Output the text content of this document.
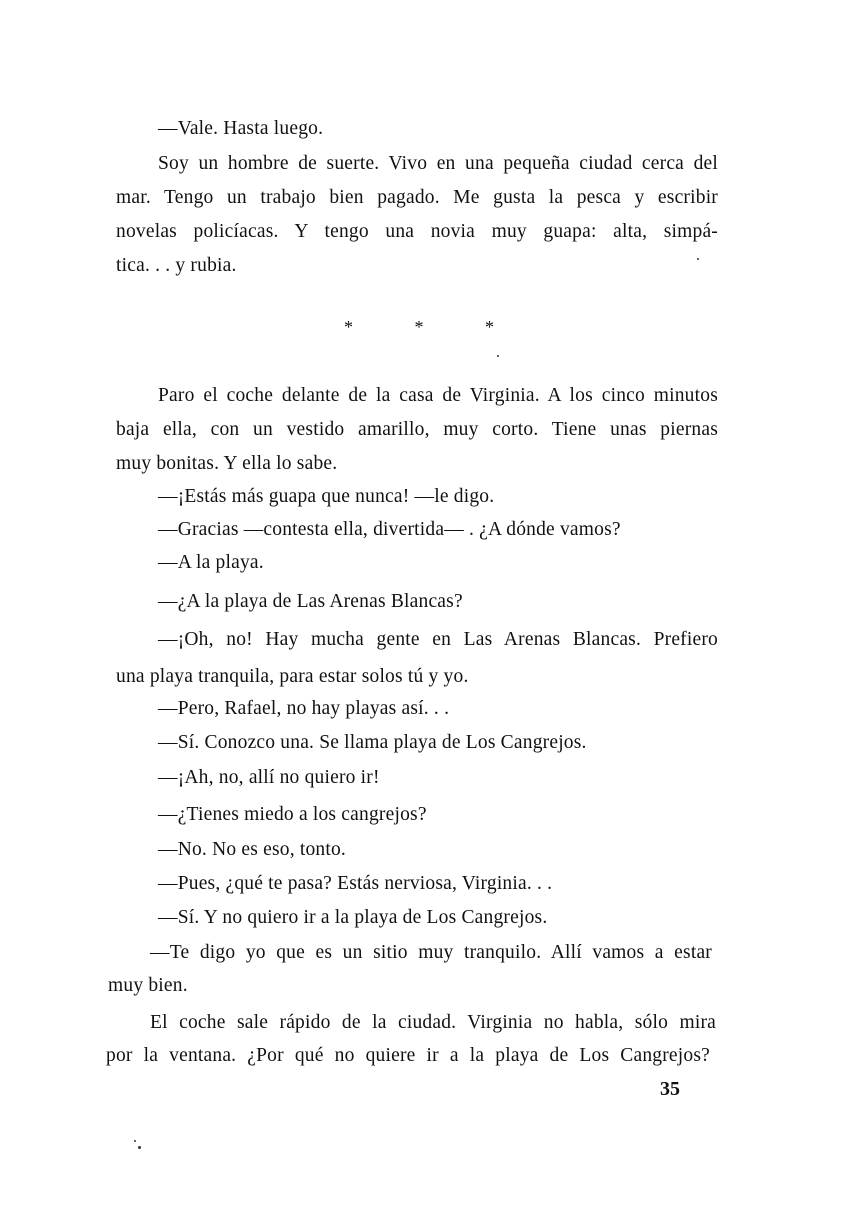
—Vale. Hasta luego.
Soy un hombre de suerte. Vivo en una pequeña ciudad cerca del
mar. Tengo un trabajo bien pagado. Me gusta la pesca y escribir
novelas policíacas. Y tengo una novia muy guapa: alta, simpá-
tica. . . y rubia.
*	*	*
Paro el coche delante de la casa de Virginia. A los cinco minutos
baja ella, con un vestido amarillo, muy corto. Tiene unas piernas
muy bonitas. Y ella lo sabe.
—¡Estás más guapa que nunca! —le digo.
—Gracias —contesta ella, divertida— . ¿A dónde vamos?
—A la playa.
—¿A la playa de Las Arenas Blancas?
—¡Oh, no! Hay mucha gente en Las Arenas Blancas. Prefiero
una playa tranquila, para estar solos tú y yo.
—Pero, Rafael, no hay playas así. . .
—Sí. Conozco una. Se llama playa de Los Cangrejos.
—¡Ah, no, allí no quiero ir!
—¿Tienes miedo a los cangrejos?
—No. No es eso, tonto.
—Pues, ¿qué te pasa? Estás nerviosa, Virginia. . .
—Sí. Y no quiero ir a la playa de Los Cangrejos.
—Te digo yo que es un sitio muy tranquilo. Allí vamos a estar
muy bien.
El coche sale rápido de la ciudad. Virginia no habla, sólo mira
por la ventana. ¿Por qué no quiere ir a la playa de Los Cangrejos?
35
